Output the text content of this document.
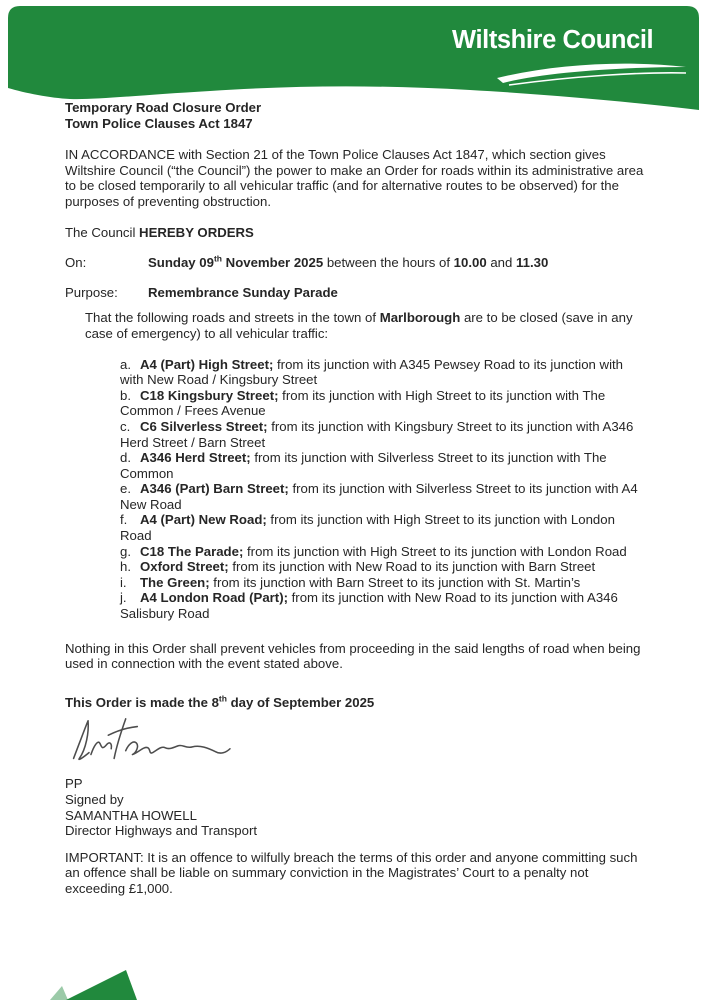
Wiltshire Council
Temporary Road Closure Order
Town Police Clauses Act 1847

IN ACCORDANCE with Section 21 of the Town Police Clauses Act 1847, which section gives Wiltshire Council (“the Council”) the power to make an Order for roads within its administrative area to be closed temporarily to all vehicular traffic (and for alternative routes to be observed) for the purposes of preventing obstruction.

The Council HEREBY ORDERS

On:	Sunday 09th November 2025 between the hours of 10.00 and 11.30
Purpose:	Remembrance Sunday Parade

That the following roads and streets in the town of Marlborough are to be closed (save in any case of emergency) to all vehicular traffic:

a. A4 (Part) High Street; from its junction with A345 Pewsey Road to its junction with with New Road / Kingsbury Street
b. C18 Kingsbury Street; from its junction with High Street to its junction with The Common / Frees Avenue
c. C6 Silverless Street; from its junction with Kingsbury Street to its junction with A346 Herd Street / Barn Street
d. A346 Herd Street; from its junction with Silverless Street to its junction with The Common
e. A346 (Part) Barn Street; from its junction with Silverless Street to its junction with A4 New Road
f. A4 (Part) New Road; from its junction with High Street to its junction with London Road
g. C18 The Parade; from its junction with High Street to its junction with London Road
h. Oxford Street; from its junction with New Road to its junction with Barn Street
i. The Green; from its junction with Barn Street to its junction with St. Martin’s
j. A4 London Road (Part); from its junction with New Road to its junction with A346 Salisbury Road

Nothing in this Order shall prevent vehicles from proceeding in the said lengths of road when being used in connection with the event stated above.

This Order is made the 8th day of September 2025

PP
Signed by
SAMANTHA HOWELL
Director Highways and Transport

IMPORTANT: It is an offence to wilfully breach the terms of this order and anyone committing such an offence shall be liable on summary conviction in the Magistrates’ Court to a penalty not exceeding £1,000.
